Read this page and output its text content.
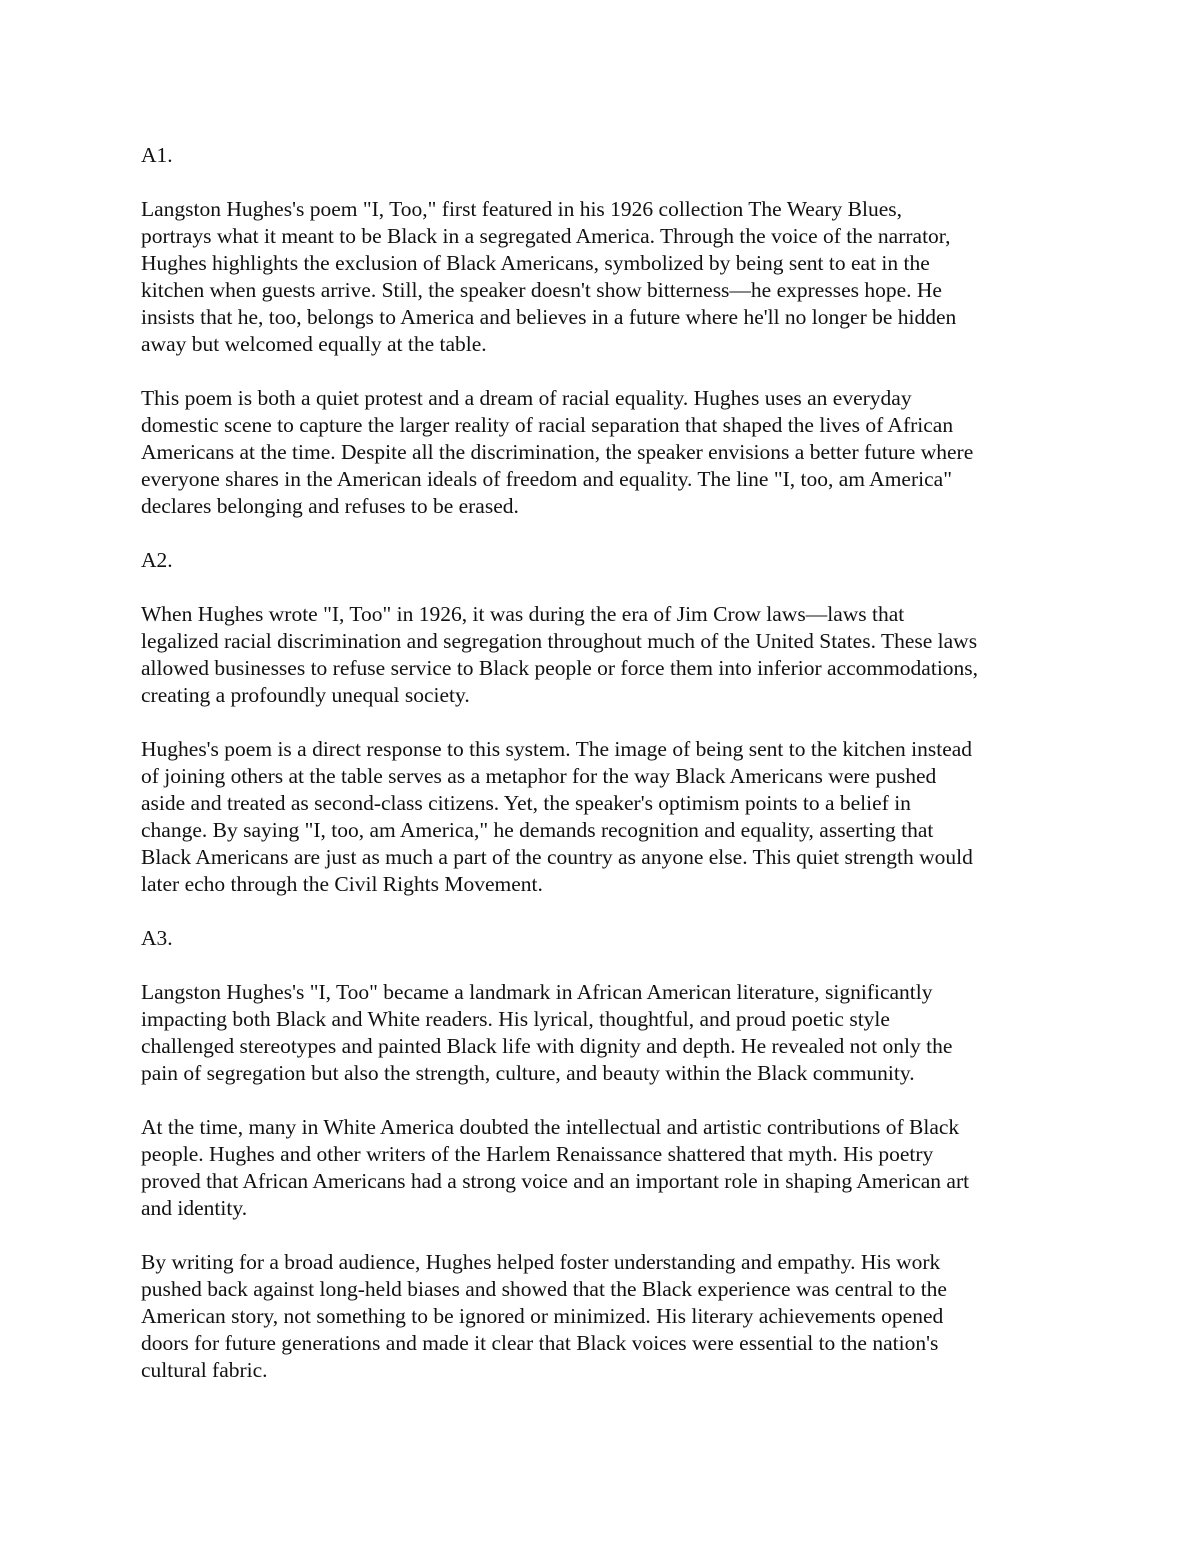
A1.

Langston Hughes's poem "I, Too," first featured in his 1926 collection The Weary Blues,
portrays what it meant to be Black in a segregated America. Through the voice of the narrator,
Hughes highlights the exclusion of Black Americans, symbolized by being sent to eat in the
kitchen when guests arrive. Still, the speaker doesn't show bitterness—he expresses hope. He
insists that he, too, belongs to America and believes in a future where he'll no longer be hidden
away but welcomed equally at the table.

This poem is both a quiet protest and a dream of racial equality. Hughes uses an everyday
domestic scene to capture the larger reality of racial separation that shaped the lives of African
Americans at the time. Despite all the discrimination, the speaker envisions a better future where
everyone shares in the American ideals of freedom and equality. The line "I, too, am America"
declares belonging and refuses to be erased.

A2.

When Hughes wrote "I, Too" in 1926, it was during the era of Jim Crow laws—laws that
legalized racial discrimination and segregation throughout much of the United States. These laws
allowed businesses to refuse service to Black people or force them into inferior accommodations,
creating a profoundly unequal society.

Hughes's poem is a direct response to this system. The image of being sent to the kitchen instead
of joining others at the table serves as a metaphor for the way Black Americans were pushed
aside and treated as second-class citizens. Yet, the speaker's optimism points to a belief in
change. By saying "I, too, am America," he demands recognition and equality, asserting that
Black Americans are just as much a part of the country as anyone else. This quiet strength would
later echo through the Civil Rights Movement.

A3.

Langston Hughes's "I, Too" became a landmark in African American literature, significantly
impacting both Black and White readers. His lyrical, thoughtful, and proud poetic style
challenged stereotypes and painted Black life with dignity and depth. He revealed not only the
pain of segregation but also the strength, culture, and beauty within the Black community.

At the time, many in White America doubted the intellectual and artistic contributions of Black
people. Hughes and other writers of the Harlem Renaissance shattered that myth. His poetry
proved that African Americans had a strong voice and an important role in shaping American art
and identity.

By writing for a broad audience, Hughes helped foster understanding and empathy. His work
pushed back against long-held biases and showed that the Black experience was central to the
American story, not something to be ignored or minimized. His literary achievements opened
doors for future generations and made it clear that Black voices were essential to the nation's
cultural fabric.
